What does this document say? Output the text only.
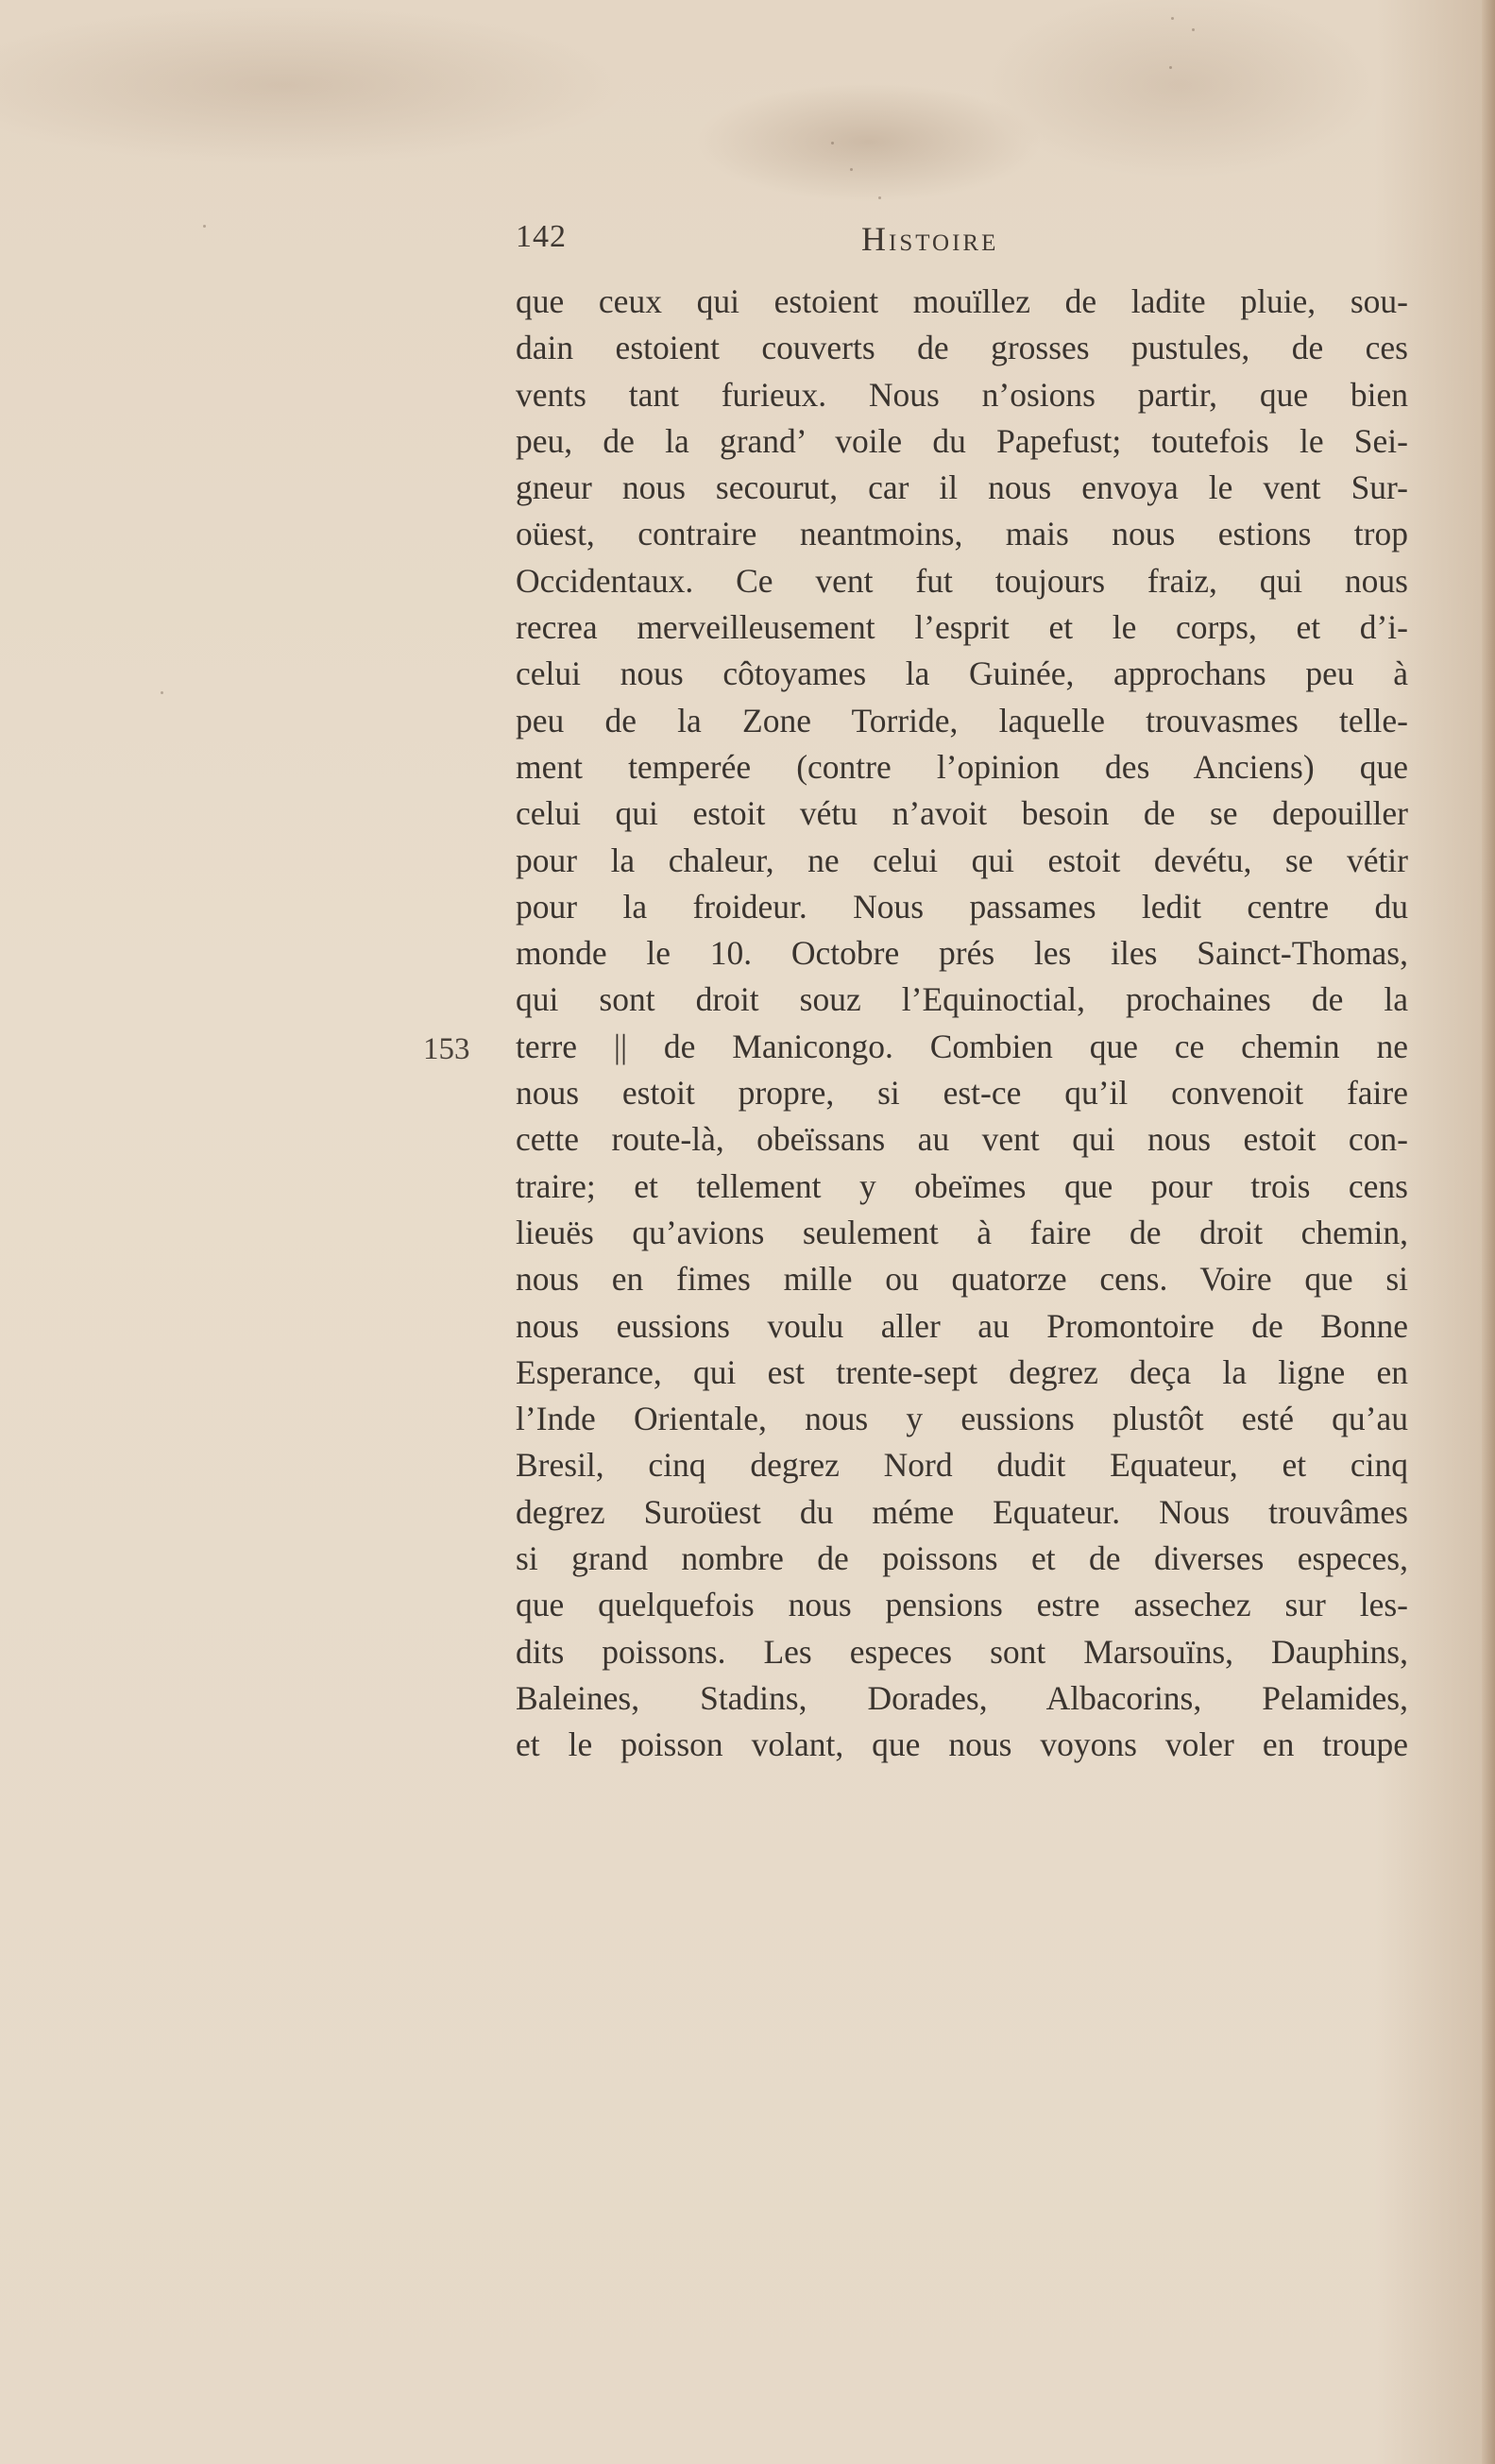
142	Histoire
153
que ceux qui estoient mouïllez de ladite pluie, sou-
dain estoient couverts de grosses pustules, de ces
vents tant furieux. Nous n’osions partir, que bien
peu, de la grand’ voile du Papefust; toutefois le Sei-
gneur nous secourut, car il nous envoya le vent Sur-
oüest, contraire neantmoins, mais nous estions trop
Occidentaux. Ce vent fut toujours fraiz, qui nous
recrea merveilleusement l’esprit et le corps, et d’i-
celui nous côtoyames la Guinée, approchans peu à
peu de la Zone Torride, laquelle trouvasmes telle-
ment temperée (contre l’opinion des Anciens) que
celui qui estoit vétu n’avoit besoin de se depouiller
pour la chaleur, ne celui qui estoit devétu, se vétir
pour la froideur. Nous passames ledit centre du
monde le 10. Octobre prés les iles Sainct-Thomas,
qui sont droit souz l’Equinoctial, prochaines de la
terre || de Manicongo. Combien que ce chemin ne
nous estoit propre, si est-ce qu’il convenoit faire
cette route-là, obeïssans au vent qui nous estoit con-
traire; et tellement y obeïmes que pour trois cens
lieuës qu’avions seulement à faire de droit chemin,
nous en fimes mille ou quatorze cens. Voire que si
nous eussions voulu aller au Promontoire de Bonne
Esperance, qui est trente-sept degrez deça la ligne en
l’Inde Orientale, nous y eussions plustôt esté qu’au
Bresil, cinq degrez Nord dudit Equateur, et cinq
degrez Suroüest du méme Equateur. Nous trouvâmes
si grand nombre de poissons et de diverses especes,
que quelquefois nous pensions estre assechez sur les-
dits poissons. Les especes sont Marsouïns, Dauphins,
Baleines, Stadins, Dorades, Albacorins, Pelamides,
et le poisson volant, que nous voyons voler en troupe
